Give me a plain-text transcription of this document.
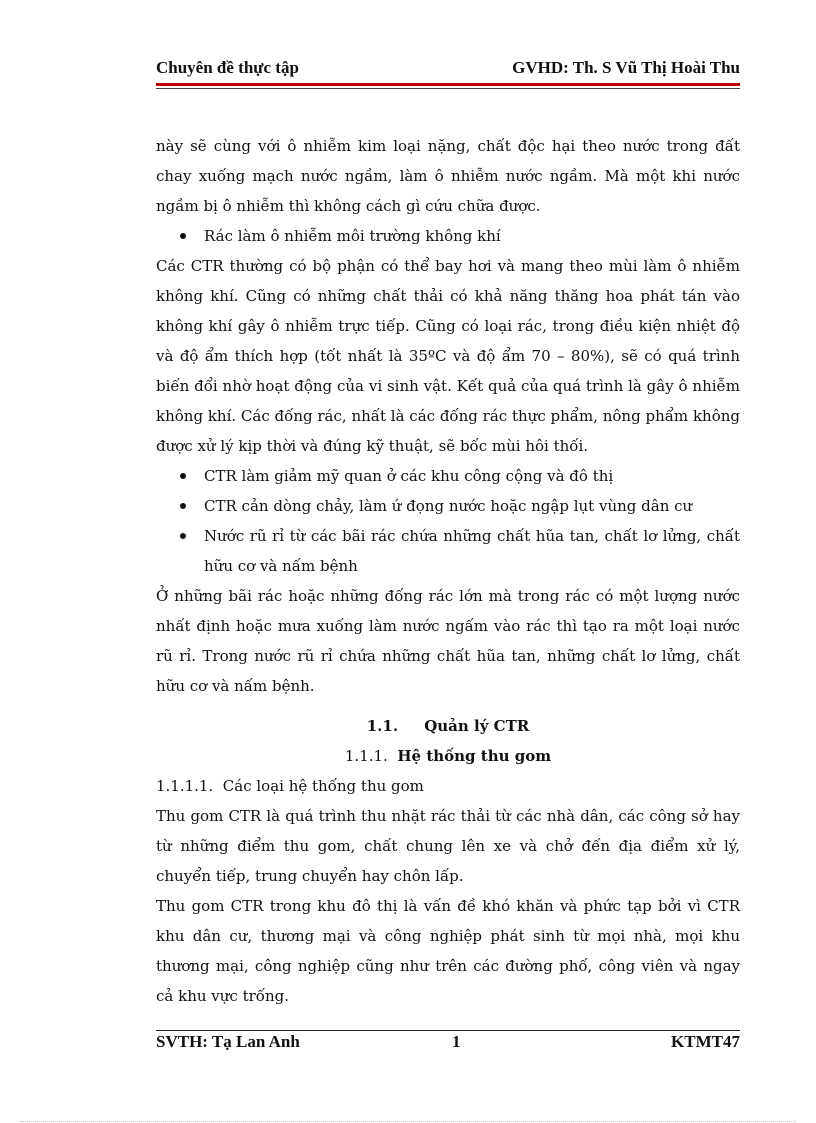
Chuyên đề thực tập	GVHD: Th. S Vũ Thị Hoài Thu

này sẽ cùng với ô nhiễm kim loại nặng, chất độc hại theo nước trong đất chay xuống mạch nước ngầm, làm ô nhiễm nước ngầm. Mà một khi nước ngầm bị ô nhiễm thì không cách gì cứu chữa được.

Rác làm ô nhiễm môi trường không khí

Các CTR thường có bộ phận có thể bay hơi và mang theo mùi làm ô nhiễm không khí. Cũng có những chất thải có khả năng thăng hoa phát tán vào không khí gây ô nhiễm trực tiếp. Cũng có loại rác, trong điều kiện nhiệt độ và độ ẩm thích hợp (tốt nhất là 35ºC và độ ẩm 70 – 80%), sẽ có quá trình biến đổi nhờ hoạt động của vi sinh vật. Kết quả của quá trình là gây ô nhiễm không khí. Các đống rác, nhất là các đống rác thực phẩm, nông phẩm không được xử lý kịp thời và đúng kỹ thuật, sẽ bốc mùi hôi thối.

CTR làm giảm mỹ quan ở các khu công cộng và đô thị
CTR cản dòng chảy, làm ứ đọng nước hoặc ngập lụt vùng dân cư
Nước rũ rỉ từ các bãi rác chứa những chất hũa tan, chất lơ lửng, chất hữu cơ và nấm bệnh

Ở những bãi rác hoặc những đống rác lớn mà trong rác có một lượng nước nhất định hoặc mưa xuống làm nước ngấm vào rác thì tạo ra một loại nước rũ rỉ. Trong nước rũ rỉ chứa những chất hũa tan, những chất lơ lửng, chất hữu cơ và nấm bệnh.

1.1. Quản lý CTR

1.1.1. Hệ thống thu gom

1.1.1.1. Các loại hệ thống thu gom

Thu gom CTR là quá trình thu nhặt rác thải từ các nhà dân, các công sở hay từ những điểm thu gom, chất chung lên xe và chở đến địa điểm xử lý, chuyển tiếp, trung chuyển hay chôn lấp.

Thu gom CTR trong khu đô thị là vấn đề khó khăn và phức tạp bởi vì CTR khu dân cư, thương mại và công nghiệp phát sinh từ mọi nhà, mọi khu thương mại, công nghiệp cũng như trên các đường phố, công viên và ngay cả khu vực trống.

SVTH: Tạ Lan Anh	1	KTMT47
